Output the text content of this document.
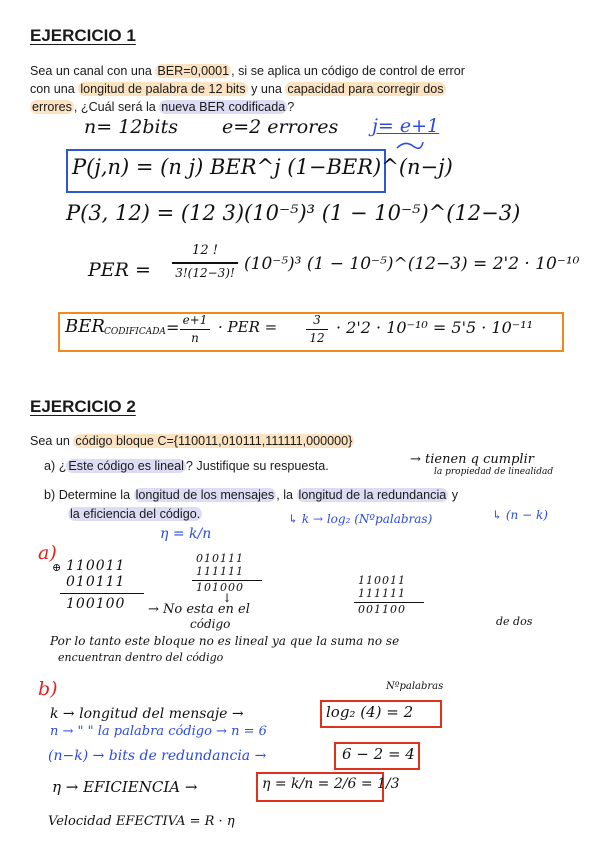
EJERCICIO 1
Sea un canal con una BER=0,0001 , si se aplica un código de control de error
con una longitud de palabra de 12 bits y una capacidad para corregir dos
errores , ¿Cuál será la nueva BER codificada ?
n= 12bits e=2 errores j= e+1
P(j,n) = (n j) BER^j (1−BER)^(n−j)
P(3, 12) = (12 3)(10⁻⁵)³ (1 − 10⁻⁵)^(12−3)
PER =
12 !
3!(12−3)! (10⁻⁵)³ (1 − 10⁻⁵)^(12−3) = 2'2 · 10⁻¹⁰
BER CODIFICADA = e+1
n
· PER =	3
12
· 2'2 · 10⁻¹⁰ = 5'5 · 10⁻¹¹
EJERCICIO 2
Sea un código bloque C={110011,010111,111111,000000}
a) ¿ Este código es lineal ? Justifique su respuesta.	→ tienen q cumplir
la propiedad de linealidad
b) Determine la longitud de los mensajes , la longitud de la redundancia y
la eficiencia del código.	↳ k → log₂ (Nºpalabras)	↳ (n − k)
η = k/n
a)
⊕ 110011
010111
100100
010111
111111
101000
↓
110011
111111
001100
→ No esta en el
código	de dos
Por lo tanto este bloque no es lineal ya que la suma no se
encuentran dentro del código
b)	Nºpalabras
k → longitud del mensaje →	log₂ (4) = 2
n → " " la palabra código → n = 6
(n−k) → bits de redundancia →	6 − 2 = 4
η → EFICIENCIA →	η = k/n = 2/6 = 1/3
Velocidad EFECTIVA = R · η
